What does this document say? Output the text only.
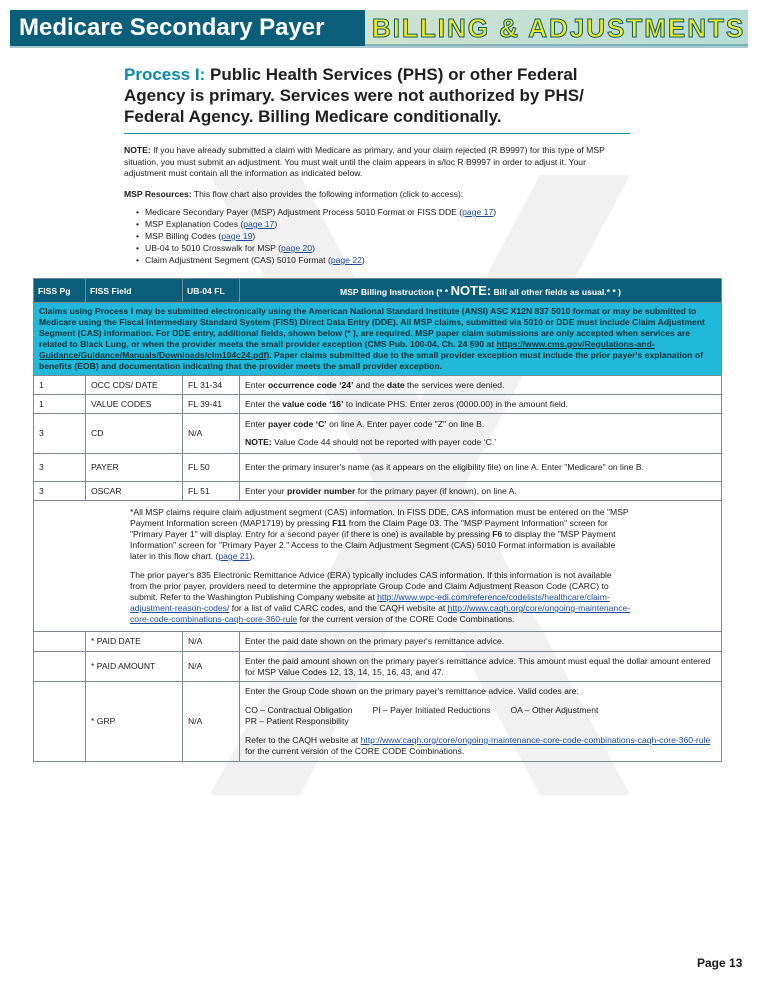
Medicare Secondary Payer BILLING & ADJUSTMENTS
Process I: Public Health Services (PHS) or other Federal Agency is primary. Services were not authorized by PHS/ Federal Agency. Billing Medicare conditionally.
NOTE: If you have already submitted a claim with Medicare as primary, and your claim rejected (R B9997) for this type of MSP situation, you must submit an adjustment. You must wait until the claim appears in s/loc R B9997 in order to adjust it. Your adjustment must contain all the information as indicated below.
MSP Resources: This flow chart also provides the following information (click to access):
• Medicare Secondary Payer (MSP) Adjustment Process 5010 Format or FISS DDE (page 17)
• MSP Explanation Codes (page 17)
• MSP Billing Codes (page 19)
• UB-04 to 5010 Crosswalk for MSP (page 20)
• Claim Adjustment Segment (CAS) 5010 Format (page 22)
FISS Pg	FISS Field	UB-04 FL	MSP Billing Instruction (* * NOTE: Bill all other fields as usual.* * )
Claims using Process I may be submitted electronically using the American National Standard Institute (ANSI) ASC X12N 837 5010 format or may be submitted to Medicare using the Fiscal Intermediary Standard System (FISS) Direct Data Entry (DDE). All MSP claims, submitted via 5010 or DDE must include Claim Adjustment Segment (CAS) information. For DDE entry, additional fields, shown below (* ), are required. MSP paper claim submissions are only accepted when services are related to Black Lung, or when the provider meets the small provider exception (CMS Pub. 100-04, Ch. 24 §90 at https://www.cms.gov/Regulations-and-Guidance/Guidance/Manuals/Downloads/clm104c24.pdf). Paper claims submitted due to the small provider exception must include the prior payer's explanation of benefits (EOB) and documentation indicating that the provider meets the small provider exception.			
1	OCC CDS/ DATE	FL 31-34	Enter occurrence code ‘24’ and the date the services were denied.
1	VALUE CODES	FL 39-41	Enter the value code ‘16’ to indicate PHS. Enter zeros (0000.00) in the amount field.
3	CD	N/A	Enter payer code ‘C’ on line A. Enter payer code "Z" on line B.
NOTE: Value Code 44 should not be reported with payer code ‘C.’

3	PAYER	FL 50	Enter the primary insurer's name (as it appears on the eligibility file) on line A. Enter "Medicare" on line B.
3	OSCAR	FL 51	Enter your provider number for the primary payer (if known), on line A.

*All MSP claims require claim adjustment segment (CAS) information. In FISS DDE, CAS information must be entered on the "MSP Payment Information screen (MAP1719) by pressing F11 from the Claim Page 03. The "MSP Payment Information" screen for "Primary Payer 1" will display. Entry for a second payer (if there is one) is available by pressing F6 to display the "MSP Payment Information" screen for "Primary Payer 2." Access to the Claim Adjustment Segment (CAS) 5010 Format information is available later in this flow chart. (page 21).

The prior payer's 835 Electronic Remittance Advice (ERA) typically includes CAS information. If this information is not available from the prior payer, providers need to determine the appropriate Group Code and Claim Adjustment Reason Code (CARC) to submit. Refer to the Washington Publishing Company website at http://www.wpc-edi.com/reference/codelists/healthcare/claim-adjustment-reason-codes/ for a list of valid CARC codes, and the CAQH website at http://www.caqh.org/core/ongoing-maintenance-core-code-combinations-caqh-core-360-rule for the current version of the CORE Code Combinations.			

	* PAID DATE	N/A	Enter the paid date shown on the primary payer's remittance advice.
	* PAID AMOUNT	N/A	Enter the paid amount shown on the primary payer's remittance advice. This amount must equal the dollar amount entered for MSP Value Codes 12, 13, 14, 15, 16, 43, and 47.
	* GRP	N/A	Enter the Group Code shown on the primary payer's remittance advice. Valid codes are:
CO – Contractual Obligation PI – Payer Initiated Reductions OA – Other Adjustment
PR – Patient Responsibility
Refer to the CAQH website at http://www.caqh.org/core/ongoing-maintenance-core-code-combinations-caqh-core-360-rule for the current version of the CORE CODE Combinations.
Page 13
